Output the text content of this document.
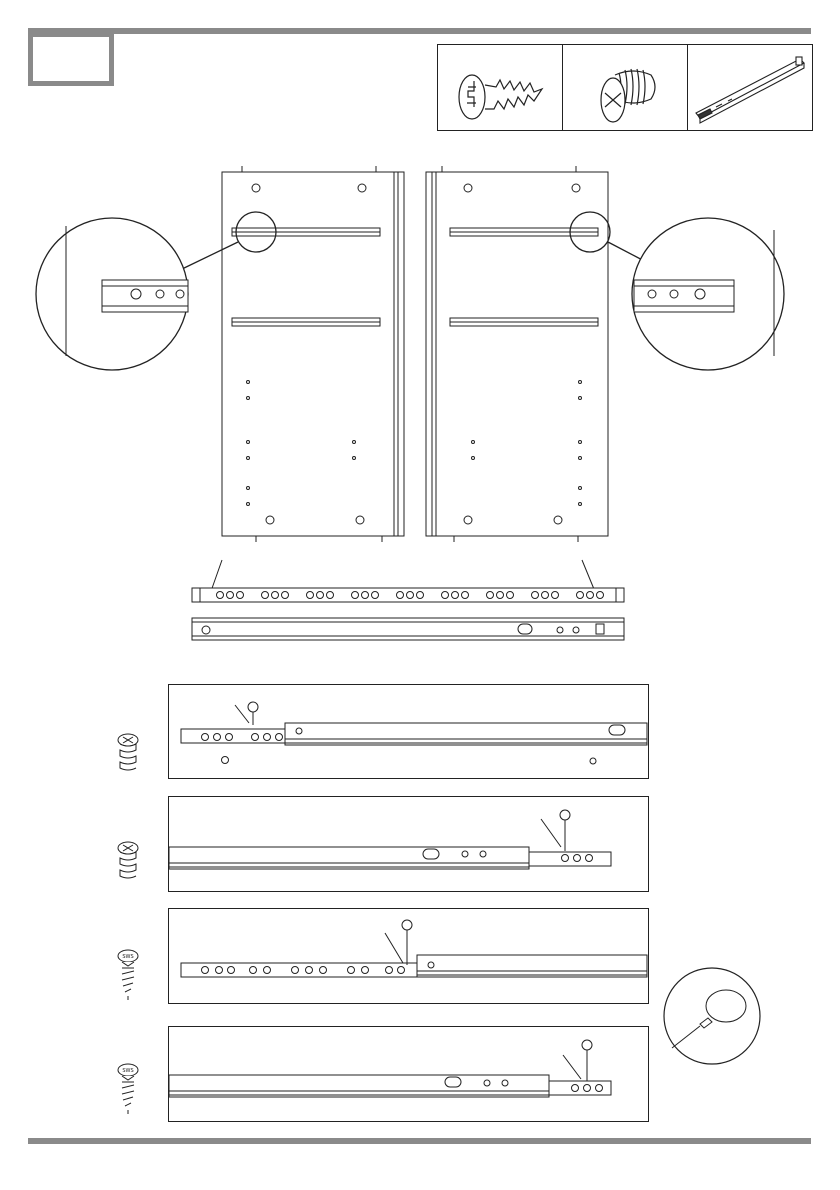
SWS
SWS
